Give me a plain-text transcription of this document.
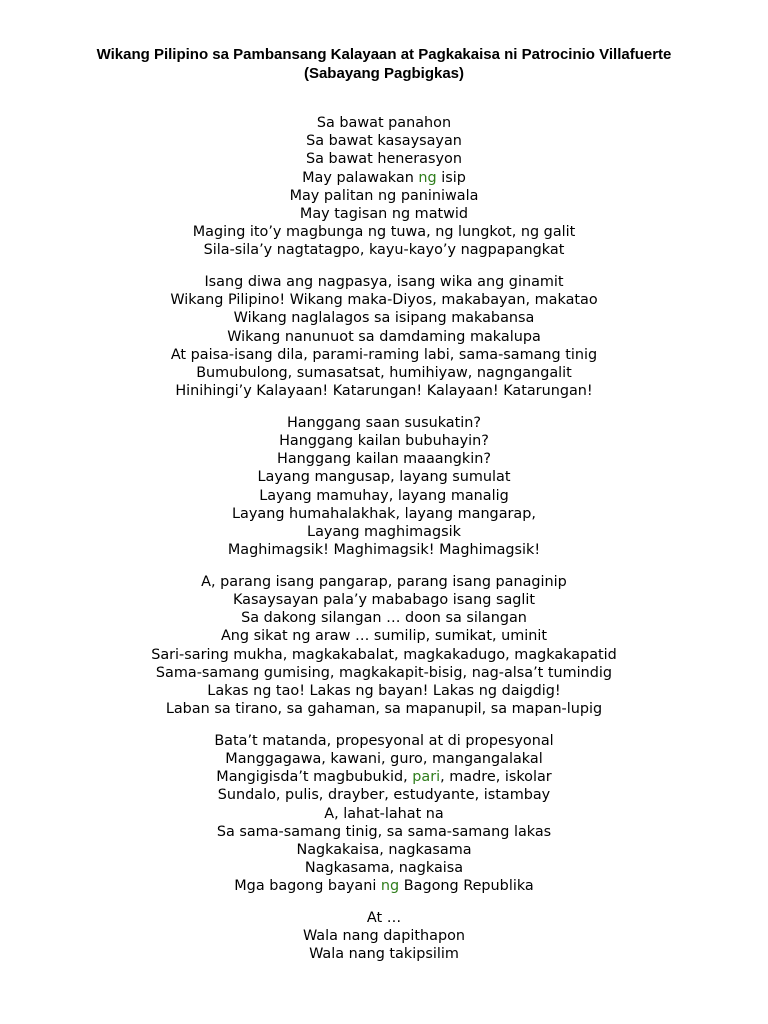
Wikang Pilipino sa Pambansang Kalayaan at Pagkakaisa ni Patrocinio Villafuerte
(Sabayang Pagbigkas)
Sa bawat panahon
Sa bawat kasaysayan
Sa bawat henerasyon
May palawakan ng isip
May palitan ng paniniwala
May tagisan ng matwid
Maging ito’y magbunga ng tuwa, ng lungkot, ng galit
Sila-sila’y nagtatagpo, kayu-kayo’y nagpapangkat
Isang diwa ang nagpasya, isang wika ang ginamit
Wikang Pilipino! Wikang maka-Diyos, makabayan, makatao
Wikang naglalagos sa isipang makabansa
Wikang nanunuot sa damdaming makalupa
At paisa-isang dila, parami-raming labi, sama-samang tinig
Bumubulong, sumasatsat, humihiyaw, nagngangalit
Hinihingi’y Kalayaan! Katarungan! Kalayaan! Katarungan!
Hanggang saan susukatin?
Hanggang kailan bubuhayin?
Hanggang kailan maaangkin?
Layang mangusap, layang sumulat
Layang mamuhay, layang manalig
Layang humahalakhak, layang mangarap,
Layang maghimagsik
Maghimagsik! Maghimagsik! Maghimagsik!
A, parang isang pangarap, parang isang panaginip
Kasaysayan pala’y mababago isang saglit
Sa dakong silangan … doon sa silangan
Ang sikat ng araw … sumilip, sumikat, uminit
Sari-saring mukha, magkakabalat, magkakadugo, magkakapatid
Sama-samang gumising, magkakapit-bisig, nag-alsa’t tumindig
Lakas ng tao! Lakas ng bayan! Lakas ng daigdig!
Laban sa tirano, sa gahaman, sa mapanupil, sa mapan-lupig
Bata’t matanda, propesyonal at di propesyonal
Manggagawa, kawani, guro, mangangalakal
Mangigisda’t magbubukid, pari, madre, iskolar
Sundalo, pulis, drayber, estudyante, istambay
A, lahat-lahat na
Sa sama-samang tinig, sa sama-samang lakas
Nagkakaisa, nagkasama
Nagkasama, nagkaisa
Mga bagong bayani ng Bagong Republika
At …
Wala nang dapithapon
Wala nang takipsilim
